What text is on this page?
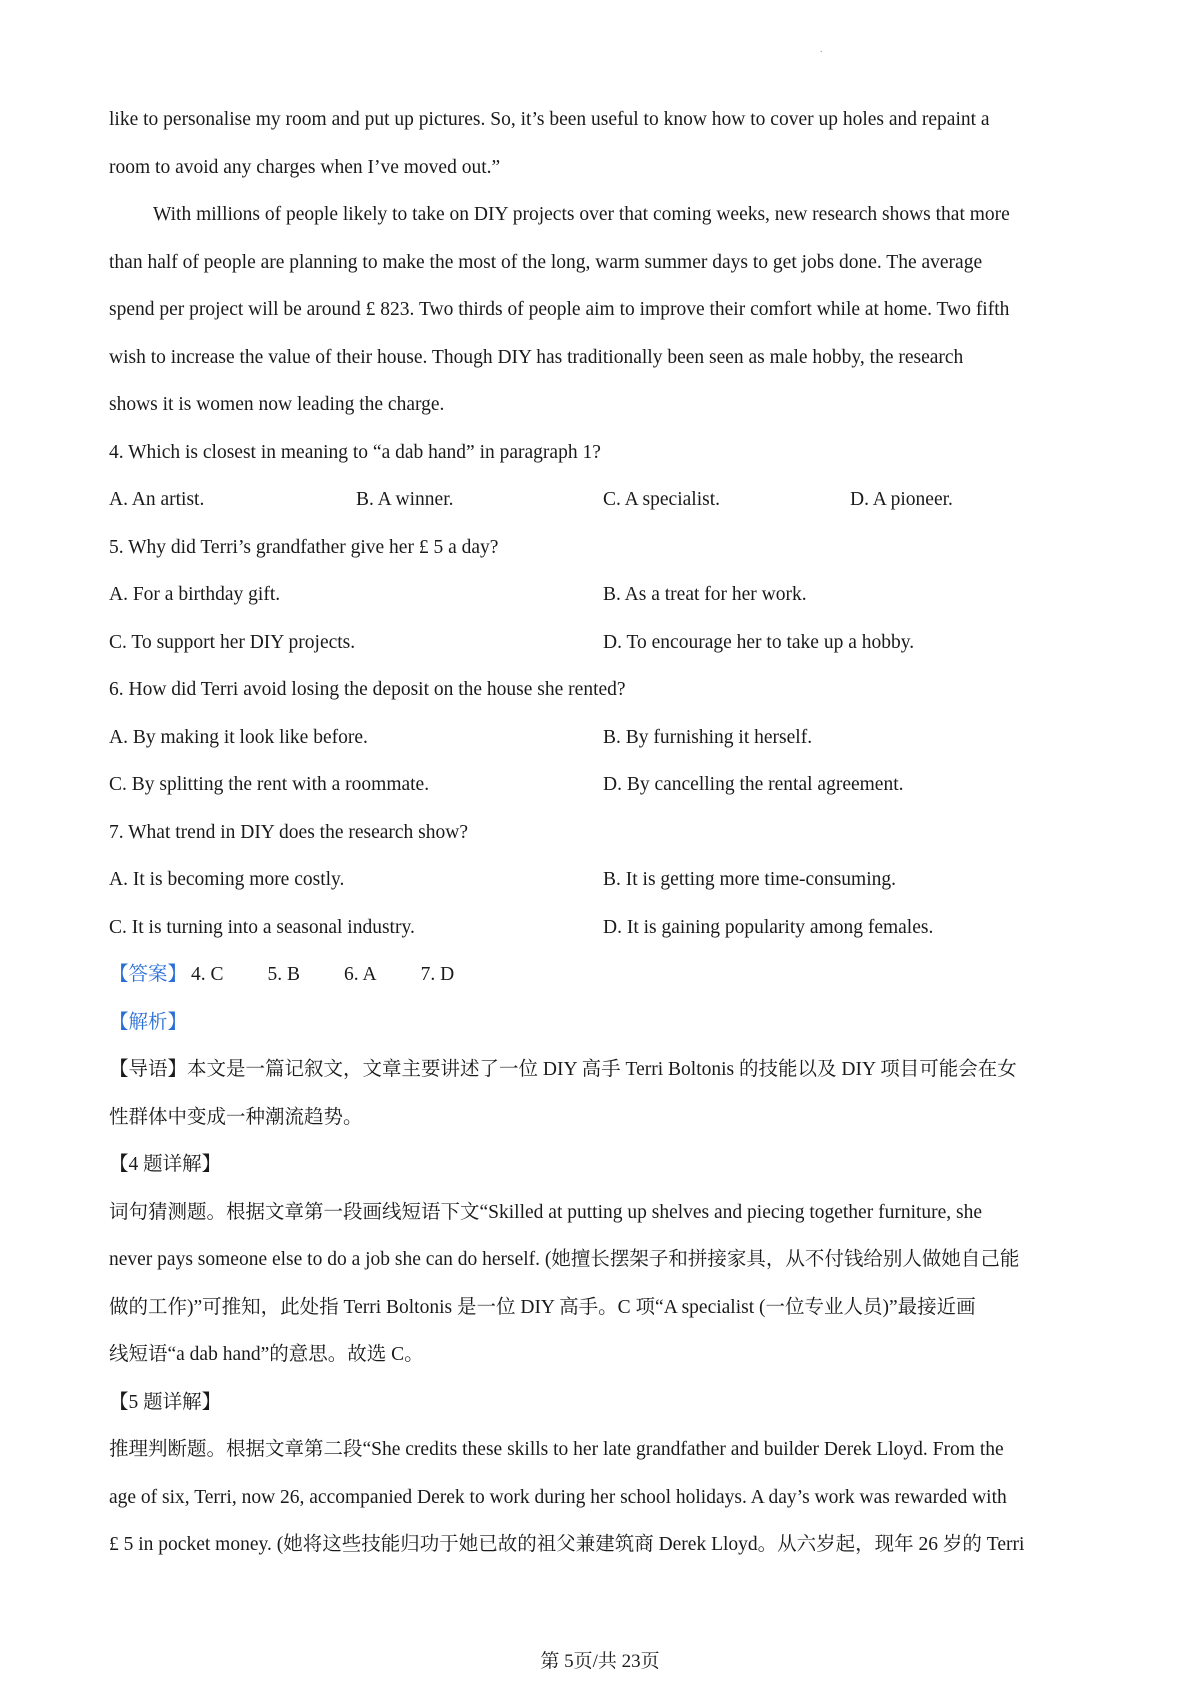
.
like to personalise my room and put up pictures. So, it’s been useful to know how to cover up holes and repaint a
room to avoid any charges when I’ve moved out.”
With millions of people likely to take on DIY projects over that coming weeks, new research shows that more
than half of people are planning to make the most of the long, warm summer days to get jobs done. The average
spend per project will be around £ 823. Two thirds of people aim to improve their comfort while at home. Two fifth
wish to increase the value of their house. Though DIY has traditionally been seen as male hobby, the research
shows it is women now leading the charge.
4. Which is closest in meaning to “a dab hand” in paragraph 1?
A. An artist.	B. A winner.	C. A specialist.	D. A pioneer.
5. Why did Terri’s grandfather give her £ 5 a day?
A. For a birthday gift.	B. As a treat for her work.
C. To support her DIY projects.	D. To encourage her to take up a hobby.
6. How did Terri avoid losing the deposit on the house she rented?
A. By making it look like before.	B. By furnishing it herself.
C. By splitting the rent with a roommate.	D. By cancelling the rental agreement.
7. What trend in DIY does the research show?
A. It is becoming more costly.	B. It is getting more time-consuming.
C. It is turning into a seasonal industry.	D. It is gaining popularity among females.
【答案】 4. C 5. B 6. A 7. D
【解析】
【导语】本文是一篇记叙文，文章主要讲述了一位 DIY 高手 Terri Boltonis 的技能以及 DIY 项目可能会在女
性群体中变成一种潮流趋势。
【4 题详解】
词句猜测题。根据文章第一段画线短语下文“Skilled at putting up shelves and piecing together furniture, she
never pays someone else to do a job she can do herself. (她擅长摆架子和拼接家具，从不付钱给别人做她自己能
做的工作)”可推知，此处指 Terri Boltonis 是一位 DIY 高手。C 项“A specialist (一位专业人员)”最接近画
线短语“a dab hand”的意思。故选 C。
【5 题详解】
推理判断题。根据文章第二段“She credits these skills to her late grandfather and builder Derek Lloyd. From the
age of six, Terri, now 26, accompanied Derek to work during her school holidays. A day’s work was rewarded with
£ 5 in pocket money. (她将这些技能归功于她已故的祖父兼建筑商 Derek Lloyd。从六岁起，现年 26 岁的 Terri
第 5页/共 23页
